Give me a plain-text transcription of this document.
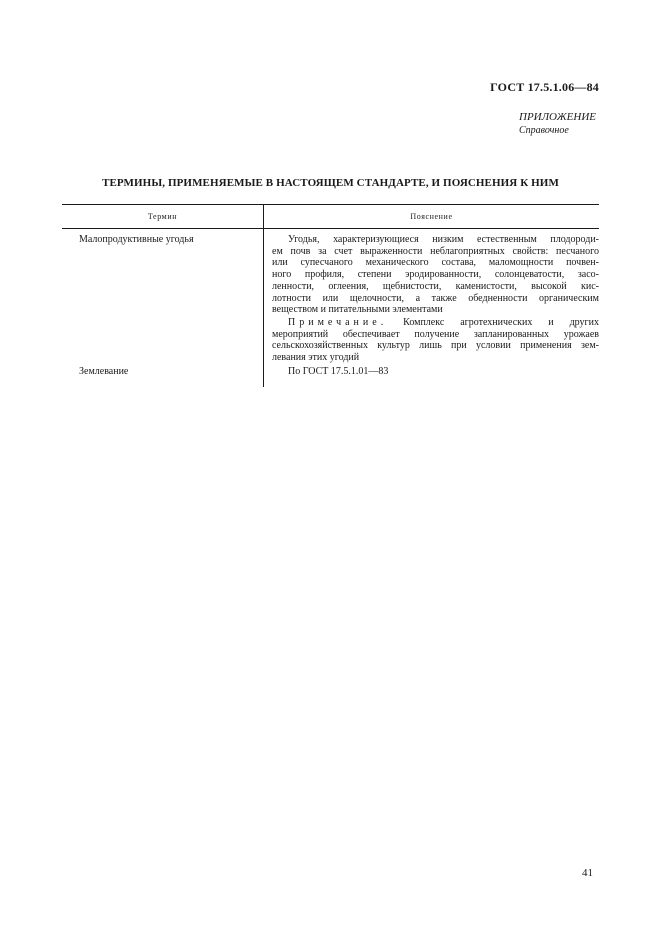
ГОСТ 17.5.1.06—84
ПРИЛОЖЕНИЕ
Справочное
ТЕРМИНЫ, ПРИМЕНЯЕМЫЕ В НАСТОЯЩЕМ СТАНДАРТЕ, И ПОЯСНЕНИЯ К НИМ
Термин	Пояснение
Малопродуктивные угодья	Угодья, характеризующиеся низким естественным плодороди-
ем почв за счет выраженности неблагоприятных свойств: песчаного
или супесчаного механического состава, маломощности почвен-
ного профиля, степени эродированности, солонцеватости, засо-
ленности, оглеения, щебнистости, каменистости, высокой кис-
лотности или щелочности, а также обедненности органическим
веществом и питательными элементами
Примечание. Комплекс агротехнических и других
мероприятий обеспечивает получение запланированных урожаев
сельскохозяйственных культур лишь при условии применения зем-
левания этих угодий
Землевание	По ГОСТ 17.5.1.01—83
41
